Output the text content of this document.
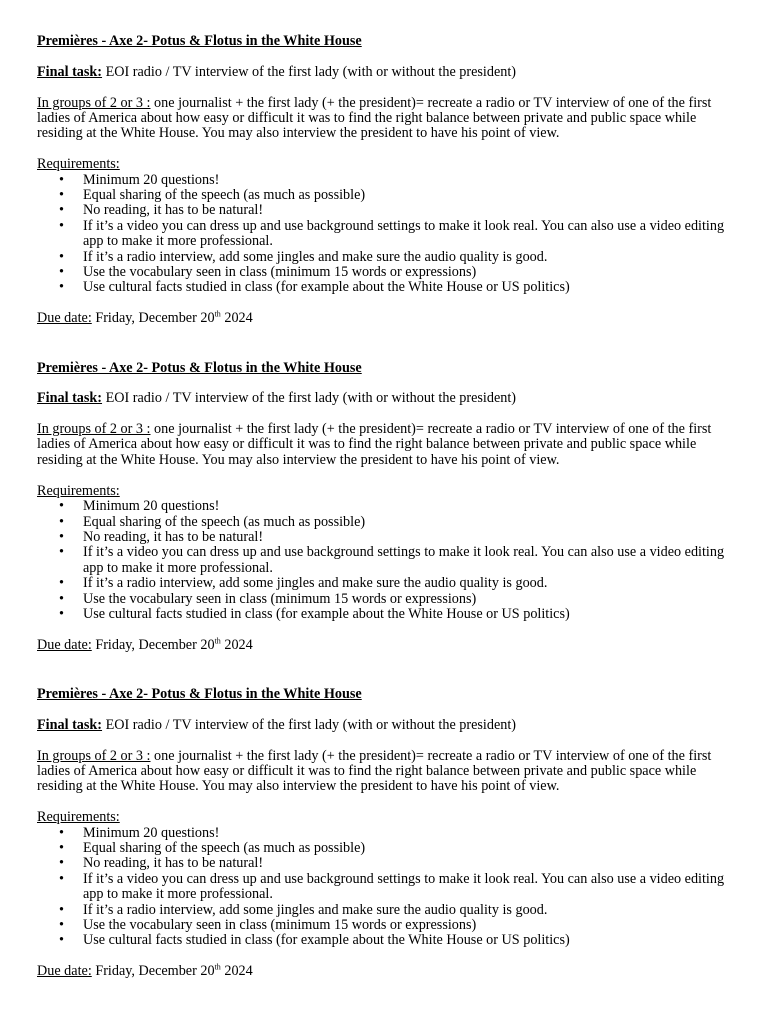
Premières - Axe 2- Potus & Flotus in the White House

Final task: EOI radio / TV interview of the first lady (with or without the president)

In groups of 2 or 3 : one journalist + the first lady (+ the president)= recreate a radio or TV interview of one of the first ladies of America about how easy or difficult it was to find the right balance between private and public space while residing at the White House. You may also interview the president to have his point of view.

Requirements:

• Minimum 20 questions!
• Equal sharing of the speech (as much as possible)
• No reading, it has to be natural!
• If it’s a video you can dress up and use background settings to make it look real. You can also use a video editing app to make it more professional.
• If it’s a radio interview, add some jingles and make sure the audio quality is good.
• Use the vocabulary seen in class (minimum 15 words or expressions)
• Use cultural facts studied in class (for example about the White House or US politics)

Due date: Friday, December 20th 2024

Premières - Axe 2- Potus & Flotus in the White House

Final task: EOI radio / TV interview of the first lady (with or without the president)

In groups of 2 or 3 : one journalist + the first lady (+ the president)= recreate a radio or TV interview of one of the first ladies of America about how easy or difficult it was to find the right balance between private and public space while residing at the White House. You may also interview the president to have his point of view.

Requirements:

• Minimum 20 questions!
• Equal sharing of the speech (as much as possible)
• No reading, it has to be natural!
• If it’s a video you can dress up and use background settings to make it look real. You can also use a video editing app to make it more professional.
• If it’s a radio interview, add some jingles and make sure the audio quality is good.
• Use the vocabulary seen in class (minimum 15 words or expressions)
• Use cultural facts studied in class (for example about the White House or US politics)

Due date: Friday, December 20th 2024

Premières - Axe 2- Potus & Flotus in the White House

Final task: EOI radio / TV interview of the first lady (with or without the president)

In groups of 2 or 3 : one journalist + the first lady (+ the president)= recreate a radio or TV interview of one of the first ladies of America about how easy or difficult it was to find the right balance between private and public space while residing at the White House. You may also interview the president to have his point of view.

Requirements:

• Minimum 20 questions!
• Equal sharing of the speech (as much as possible)
• No reading, it has to be natural!
• If it’s a video you can dress up and use background settings to make it look real. You can also use a video editing app to make it more professional.
• If it’s a radio interview, add some jingles and make sure the audio quality is good.
• Use the vocabulary seen in class (minimum 15 words or expressions)
• Use cultural facts studied in class (for example about the White House or US politics)

Due date: Friday, December 20th 2024
